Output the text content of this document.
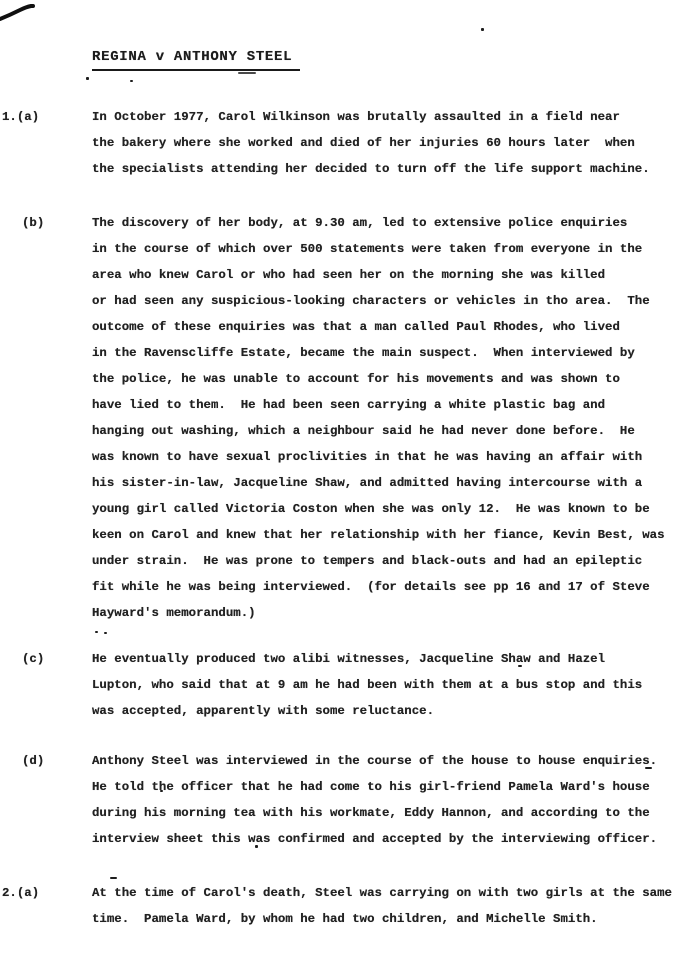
REGINA v ANTHONY STEEL
1.(a)	In October 1977, Carol Wilkinson was brutally assaulted in a field near
the bakery where she worked and died of her injuries 60 hours later  when
the specialists attending her decided to turn off the life support machine.
(b)	The discovery of her body, at 9.30 am, led to extensive police enquiries
in the course of which over 500 statements were taken from everyone in the
area who knew Carol or who had seen her on the morning she was killed
or had seen any suspicious-looking characters or vehicles in tho area.  The
outcome of these enquiries was that a man called Paul Rhodes, who lived
in the Ravenscliffe Estate, became the main suspect.  When interviewed by
the police, he was unable to account for his movements and was shown to
have lied to them.  He had been seen carrying a white plastic bag and
hanging out washing, which a neighbour said he had never done before.  He
was known to have sexual proclivities in that he was having an affair with
his sister-in-law, Jacqueline Shaw, and admitted having intercourse with a
young girl called Victoria Coston when she was only 12.  He was known to be
keen on Carol and knew that her relationship with her fiance, Kevin Best, was
under strain.  He was prone to tempers and black-outs and had an epileptic
fit while he was being interviewed.  (for details see pp 16 and 17 of Steve
Hayward's memorandum.)
(c)	He eventually produced two alibi witnesses, Jacqueline Shaw and Hazel
Lupton, who said that at 9 am he had been with them at a bus stop and this
was accepted, apparently with some reluctance.
(d)	Anthony Steel was interviewed in the course of the house to house enquiries.
He told the officer that he had come to his girl-friend Pamela Ward's house
during his morning tea with his workmate, Eddy Hannon, and according to the
interview sheet this was confirmed and accepted by the interviewing officer.
2.(a)	At the time of Carol's death, Steel was carrying on with two girls at the same
time.  Pamela Ward, by whom he had two children, and Michelle Smith.
